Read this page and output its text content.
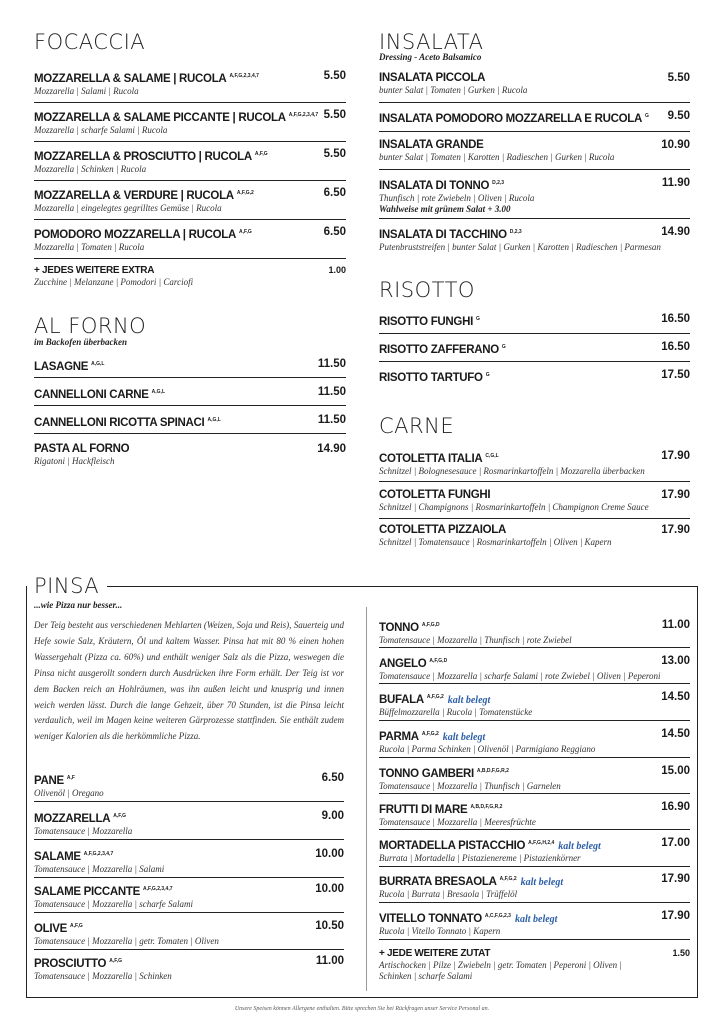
FOCACCIA
MOZZARELLA & SALAME | RUCOLA $^{A,F,G,2,3,4,7}$	5.50
Mozzarella | Salami | Rucola
MOZZARELLA & SALAME PICCANTE | RUCOLA $^{A,F,G,2,3,4,7}$ 5.50
Mozzarella | scharfe Salami | Rucola
MOZZARELLA & PROSCIUTTO | RUCOLA $^{A,F,G}$	5.50
Mozzarella | Schinken | Rucola
MOZZARELLA & VERDURE | RUCOLA $^{A,F,G,2}$	6.50
Mozzarella | eingelegtes gegrilltes Gemüse | Rucola
POMODORO MOZZARELLA | RUCOLA $^{A,F,G}$	6.50
Mozzarella | Tomaten | Rucola
+ JEDES WEITERE EXTRA	1.00
Zucchine | Melanzane | Pomodori | Carciofi
AL FORNO
im Backofen überbacken
LASAGNE $^{A,G,L}$	11.50
CANNELLONI CARNE $^{A,G,L}$	11.50
CANNELLONI RICOTTA SPINACI $^{A,G,L}$	11.50
PASTA AL FORNO	14.90
Rigatoni | Hackfleisch
INSALATA
Dressing - Aceto Balsamico
INSALATA PICCOLA	5.50
bunter Salat | Tomaten | Gurken | Rucola
INSALATA POMODORO MOZZARELLA E RUCOLA $^G$ 9.50
INSALATA GRANDE	10.90
bunter Salat | Tomaten | Karotten | Radieschen | Gurken | Rucola
INSALATA DI TONNO $^{D,2,3}$	11.90
Thunfisch | rote Zwiebeln | Oliven | Rucola
Wahlweise mit grünem Salat + 3.00
INSALATA DI TACCHINO $^{D,2,3}$	14.90
Putenbruststreifen | bunter Salat | Gurken | Karotten | Radieschen | Parmesan
RISOTTO
RISOTTO FUNGHI $^G$	16.50
RISOTTO ZAFFERANO $^G$	16.50
RISOTTO TARTUFO $^G$	17.50
CARNE
COTOLETTA ITALIA $^{C,G,L}$	17.90
Schnitzel | Bolognesesauce | Rosmarinkartoffeln | Mozzarella überbacken
COTOLETTA FUNGHI	17.90
Schnitzel | Champignons | Rosmarinkartoffeln | Champignon Creme Sauce
COTOLETTA PIZZAIOLA	17.90
Schnitzel | Tomatensauce | Rosmarinkartoffeln | Oliven | Kapern
PINSA
...wie Pizza nur besser...
Der Teig besteht aus verschiedenen Mehlarten (Weizen, Soja und Reis), Sauerteig und Hefe sowie Salz, Kräutern, Öl und kaltem Wasser. Pinsa hat mit 80 % einen hohen Wassergehalt (Pizza ca. 60%) und enthält weniger Salz als die Pizza, weswegen die Pinsa nicht ausgerollt sondern durch Ausdrücken ihre Form erhält. Der Teig ist vor dem Backen reich an Hohlräumen, was ihn außen leicht und knusprig und innen weich werden lässt. Durch die lange Gehzeit, über 70 Stunden, ist die Pinsa leicht verdaulich, weil im Magen keine weiteren Gärprozesse stattfinden. Sie enthält zudem weniger Kalorien als die herkömmliche Pizza.
PANE $^{A,F}$	6.50
Olivenöl | Oregano
MOZZARELLA $^{A,F,G}$	9.00
Tomatensauce | Mozzarella
SALAME $^{A,F,G,2,3,4,7}$	10.00
Tomatensauce | Mozzarella | Salami
SALAME PICCANTE $^{A,F,G,2,3,4,7}$	10.00
Tomatensauce | Mozzarella | scharfe Salami
OLIVE $^{A,F,G}$	10.50
Tomatensauce | Mozzarella | getr. Tomaten | Oliven
PROSCIUTTO $^{A,F,G}$	11.00
Tomatensauce | Mozzarella | Schinken
TONNO $^{A,F,G,D}$	11.00
Tomatensauce | Mozzarella | Thunfisch | rote Zwiebel
ANGELO $^{A,F,G,D}$	13.00
Tomatensauce | Mozzarella | scharfe Salami | rote Zwiebel | Oliven | Peperoni
BUFALA $^{A,F,G,2}$ kalt belegt	14.50
Büffelmozzarella | Rucola | Tomatenstücke
PARMA $^{A,F,G,2}$ kalt belegt	14.50
Rucola | Parma Schinken | Olivenöl | Parmigiano Reggiano
TONNO GAMBERI $^{A,B,D,F,G,R,2}$	15.00
Tomatensauce | Mozzarella | Thunfisch | Garnelen
FRUTTI DI MARE $^{A,B,D,F,G,R,2}$	16.90
Tomatensauce | Mozzarella | Meeresfrüchte
MORTADELLA PISTACCHIO $^{A,F,G,H,2,4}$ kalt belegt	17.00
Burrata | Mortadella | Pistazienereme | Pistazienkörner
BURRATA BRESAOLA $^{A,F,G,2}$ kalt belegt	17.90
Rucola | Burrata | Bresaola | Trüffelöl
VITELLO TONNATO $^{A,C,F,G,2,3}$ kalt belegt	17.90
Rucola | Vitello Tonnato | Kapern
+ JEDE WEITERE ZUTAT	1.50
Artischocken | Pilze | Zwiebeln | getr. Tomaten | Peperoni | Oliven |
Schinken | scharfe Salami
Unsere Speisen können Allergene enthalten. Bitte sprechen Sie bei Rückfragen unser Service Personal an.
